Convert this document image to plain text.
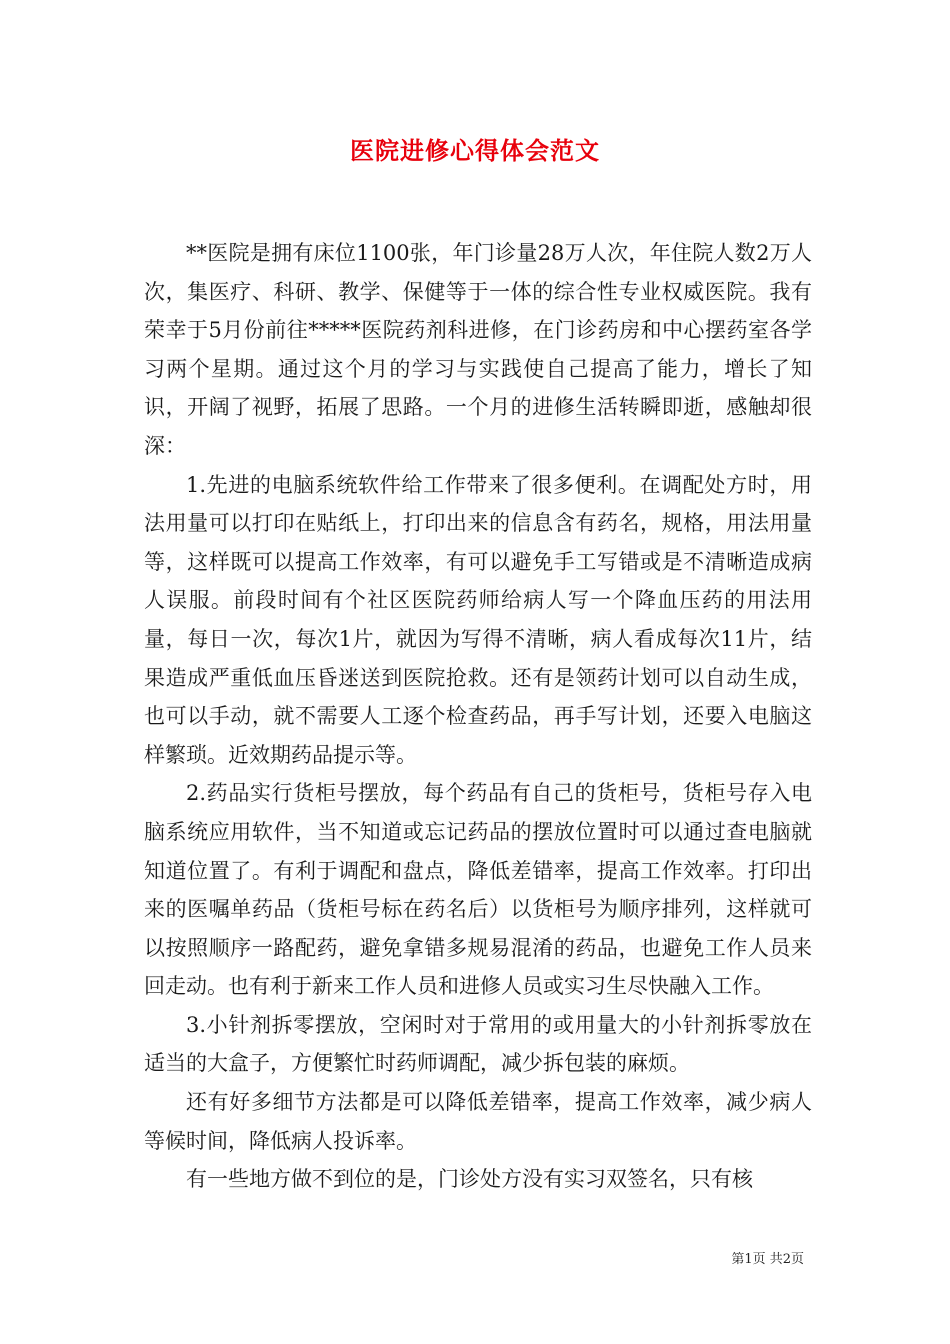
医院进修心得体会范文

**医院是拥有床位1100张，年门诊量28万人次，年住院人数2万人次，集医疗、科研、教学、保健等于一体的综合性专业权威医院。我有荣幸于5月份前往*****医院药剂科进修，在门诊药房和中心摆药室各学习两个星期。通过这个月的学习与实践使自己提高了能力，增长了知识，开阔了视野，拓展了思路。一个月的进修生活转瞬即逝，感触却很深：

1.先进的电脑系统软件给工作带来了很多便利。在调配处方时，用法用量可以打印在贴纸上，打印出来的信息含有药名，规格，用法用量等，这样既可以提高工作效率，有可以避免手工写错或是不清晰造成病人误服。前段时间有个社区医院药师给病人写一个降血压药的用法用量，每日一次，每次1片，就因为写得不清晰，病人看成每次11片，结果造成严重低血压昏迷送到医院抢救。还有是领药计划可以自动生成，也可以手动，就不需要人工逐个检查药品，再手写计划，还要入电脑这样繁琐。近效期药品提示等。

2.药品实行货柜号摆放，每个药品有自己的货柜号，货柜号存入电脑系统应用软件，当不知道或忘记药品的摆放位置时可以通过查电脑就知道位置了。有利于调配和盘点，降低差错率，提高工作效率。打印出来的医嘱单药品（货柜号标在药名后）以货柜号为顺序排列，这样就可以按照顺序一路配药，避免拿错多规易混淆的药品，也避免工作人员来回走动。也有利于新来工作人员和进修人员或实习生尽快融入工作。

3.小针剂拆零摆放，空闲时对于常用的或用量大的小针剂拆零放在适当的大盒子，方便繁忙时药师调配，减少拆包装的麻烦。

还有好多细节方法都是可以降低差错率，提高工作效率，减少病人等候时间，降低病人投诉率。

有一些地方做不到位的是，门诊处方没有实习双签名，只有核

第1页 共2页
